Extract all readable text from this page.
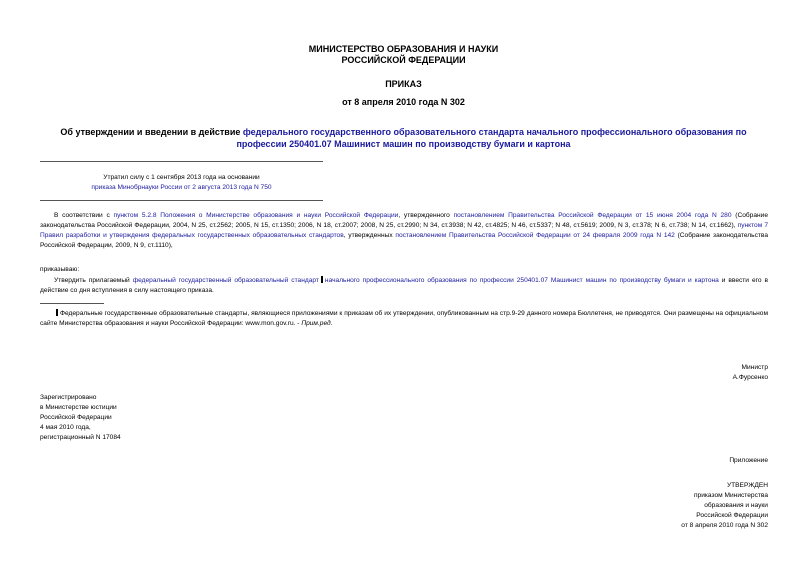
МИНИСТЕРСТВО ОБРАЗОВАНИЯ И НАУКИ
РОССИЙСКОЙ ФЕДЕРАЦИИ
ПРИКАЗ
от 8 апреля 2010 года N 302
Об утверждении и введении в действие федерального государственного образовательного стандарта начального профессионального образования по профессии 250401.07 Машинист машин по производству бумаги и картона
Утратил силу с 1 сентября 2013 года на основании
приказа Минобрнауки России от 2 августа 2013 года N 750
В соответствии с пунктом 5.2.8 Положения о Министерстве образования и науки Российской Федерации, утвержденного постановлением Правительства Российской Федерации от 15 июня 2004 года N 280 (Собрание законодательства Российской Федерации, 2004, N 25, ст.2562; 2005, N 15, ст.1350; 2006, N 18, ст.2007; 2008, N 25, ст.2990; N 34, ст.3938; N 42, ст.4825; N 46, ст.5337; N 48, ст.5619; 2009, N 3, ст.378; N 6, ст.738; N 14, ст.1662), пунктом 7 Правил разработки и утверждения федеральных государственных образовательных стандартов, утвержденных постановлением Правительства Российской Федерации от 24 февраля 2009 года N 142 (Собрание законодательства Российской Федерации, 2009, N 9, ст.1110),
приказываю:
Утвердить прилагаемый федеральный государственный образовательный стандарт начального профессионального образования по профессии 250401.07 Машинист машин по производству бумаги и картона и ввести его в действие со дня вступления в силу настоящего приказа.
Федеральные государственные образовательные стандарты, являющиеся приложениями к приказам об их утверждении, опубликованным на стр.9-29 данного номера Бюллетеня, не приводятся. Они размещены на официальном сайте Министерства образования и науки Российской Федерации: www.mon.gov.ru. - Прим.ред.
Министр
А.Фурсенко
Зарегистрировано
в Министерстве юстиции
Российской Федерации
4 мая 2010 года,
регистрационный N 17084
Приложение
УТВЕРЖДЕН
приказом Министерства
образования и науки
Российской Федерации
от 8 апреля 2010 года N 302
